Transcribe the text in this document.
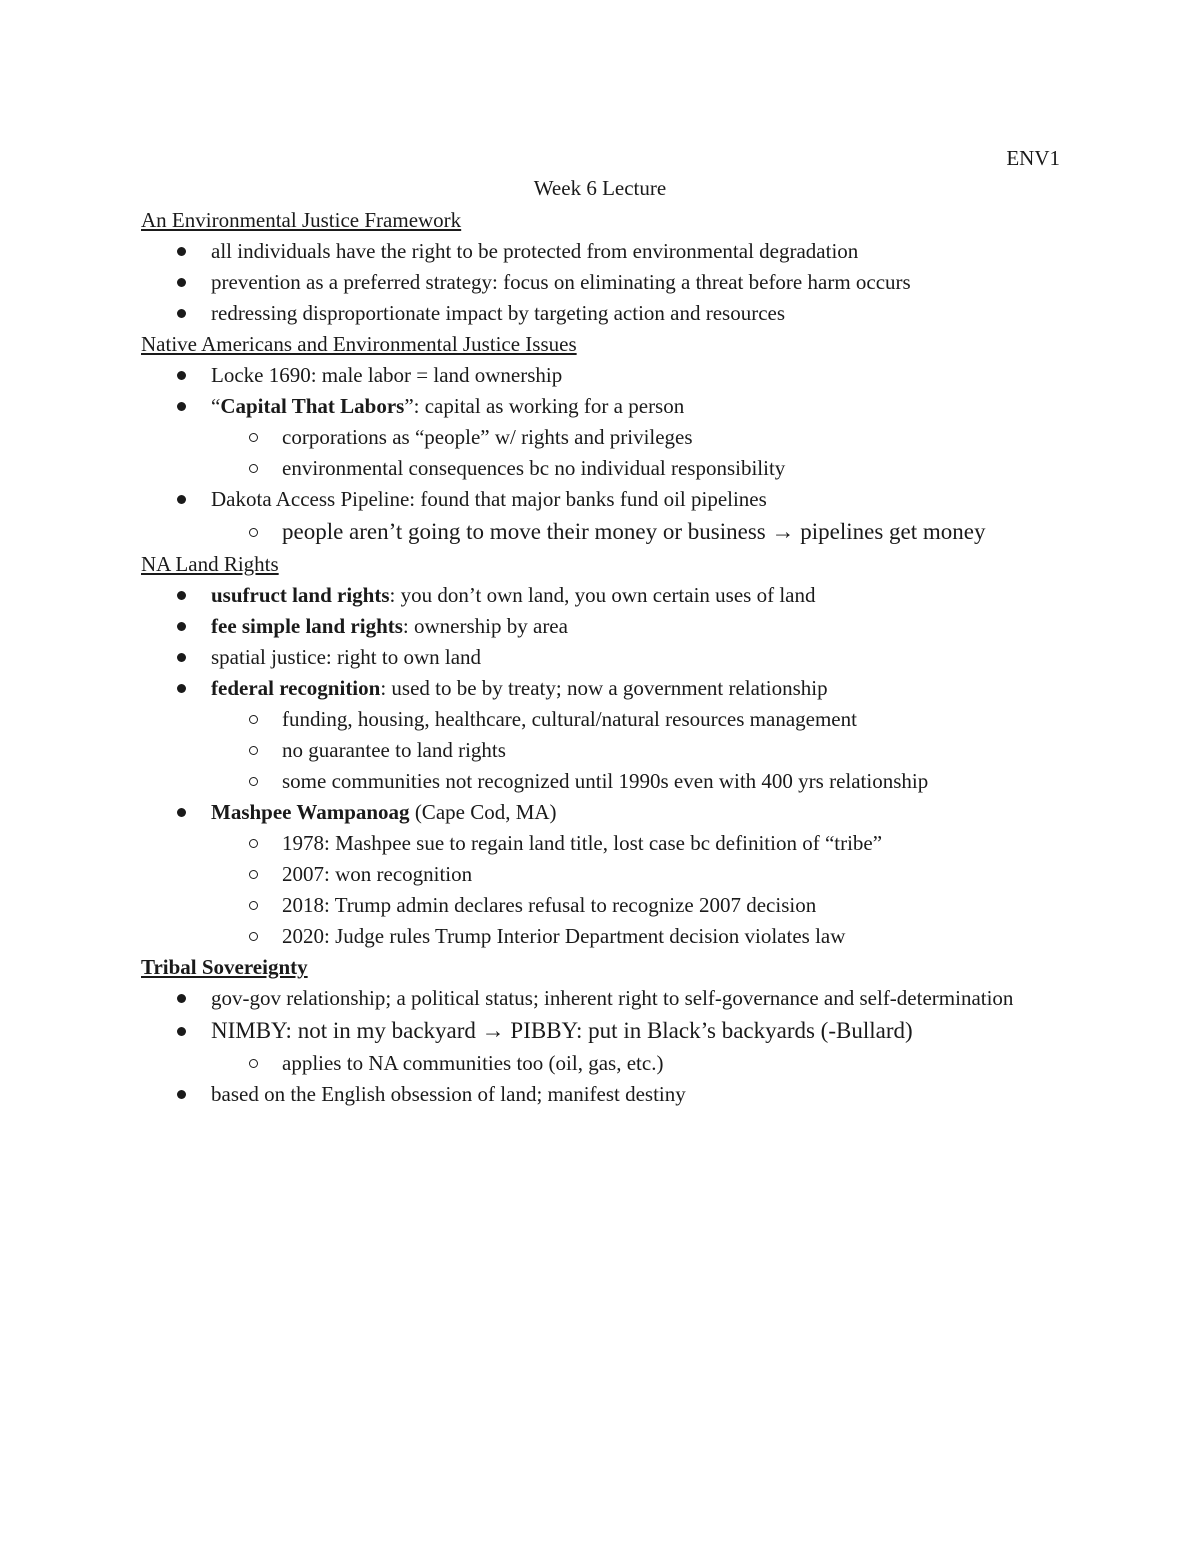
ENV1
Week 6 Lecture
An Environmental Justice Framework
all individuals have the right to be protected from environmental degradation
prevention as a preferred strategy: focus on eliminating a threat before harm occurs
redressing disproportionate impact by targeting action and resources
Native Americans and Environmental Justice Issues
Locke 1690: male labor = land ownership
“Capital That Labors”: capital as working for a person
corporations as “people” w/ rights and privileges
environmental consequences bc no individual responsibility
Dakota Access Pipeline: found that major banks fund oil pipelines
people aren’t going to move their money or business → pipelines get money
NA Land Rights
usufruct land rights: you don’t own land, you own certain uses of land
fee simple land rights: ownership by area
spatial justice: right to own land
federal recognition: used to be by treaty; now a government relationship
funding, housing, healthcare, cultural/natural resources management
no guarantee to land rights
some communities not recognized until 1990s even with 400 yrs relationship
Mashpee Wampanoag (Cape Cod, MA)
1978: Mashpee sue to regain land title, lost case bc definition of “tribe”
2007: won recognition
2018: Trump admin declares refusal to recognize 2007 decision
2020: Judge rules Trump Interior Department decision violates law
Tribal Sovereignty
gov-gov relationship; a political status; inherent right to self-governance and self-determination
NIMBY: not in my backyard → PIBBY: put in Black’s backyards (-Bullard)
applies to NA communities too (oil, gas, etc.)
based on the English obsession of land; manifest destiny
